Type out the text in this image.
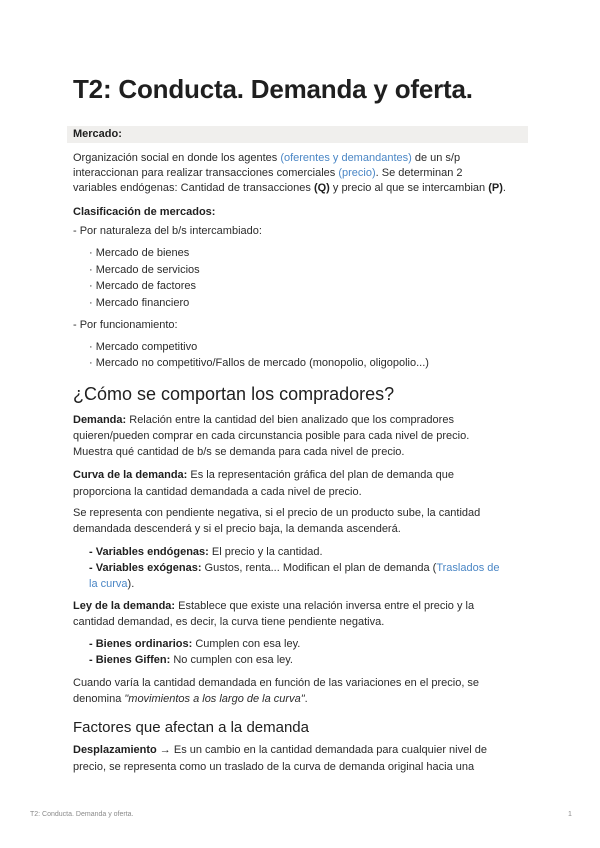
T2: Conducta. Demanda y oferta.
Mercado:

Organización social en donde los agentes (oferentes y demandantes) de un s/p

interaccionan para realizar transacciones comerciales (precio). Se determinan 2

variables endógenas: Cantidad de transacciones (Q) y precio al que se intercambian (P).

Clasificación de mercados:

- Por naturaleza del b/s intercambiado:

· Mercado de bienes

· Mercado de servicios

· Mercado de factores

· Mercado financiero

- Por funcionamiento:

· Mercado competitivo

· Mercado no competitivo/Fallos de mercado (monopolio, oligopolio...)

¿Cómo se comportan los compradores?

Demanda: Relación entre la cantidad del bien analizado que los compradores

quieren/pueden comprar en cada circunstancia posible para cada nivel de precio.

Muestra qué cantidad de b/s se demanda para cada nivel de precio.

Curva de la demanda: Es la representación gráfica del plan de demanda que

proporciona la cantidad demandada a cada nivel de precio.

Se representa con pendiente negativa, si el precio de un producto sube, la cantidad

demandada descenderá y si el precio baja, la demanda ascenderá.

- Variables endógenas: El precio y la cantidad.

- Variables exógenas: Gustos, renta... Modifican el plan de demanda (Traslados de

la curva).

Ley de la demanda: Establece que existe una relación inversa entre el precio y la

cantidad demandad, es decir, la curva tiene pendiente negativa.

- Bienes ordinarios: Cumplen con esa ley.

- Bienes Giffen: No cumplen con esa ley.

Cuando varía la cantidad demandada en función de las variaciones en el precio, se

denomina "movimientos a los largo de la curva".

Factores que afectan a la demanda

Desplazamiento → Es un cambio en la cantidad demandada para cualquier nivel de

precio, se representa como un traslado de la curva de demanda original hacia una

T2: Conducta. Demanda y oferta.	1
